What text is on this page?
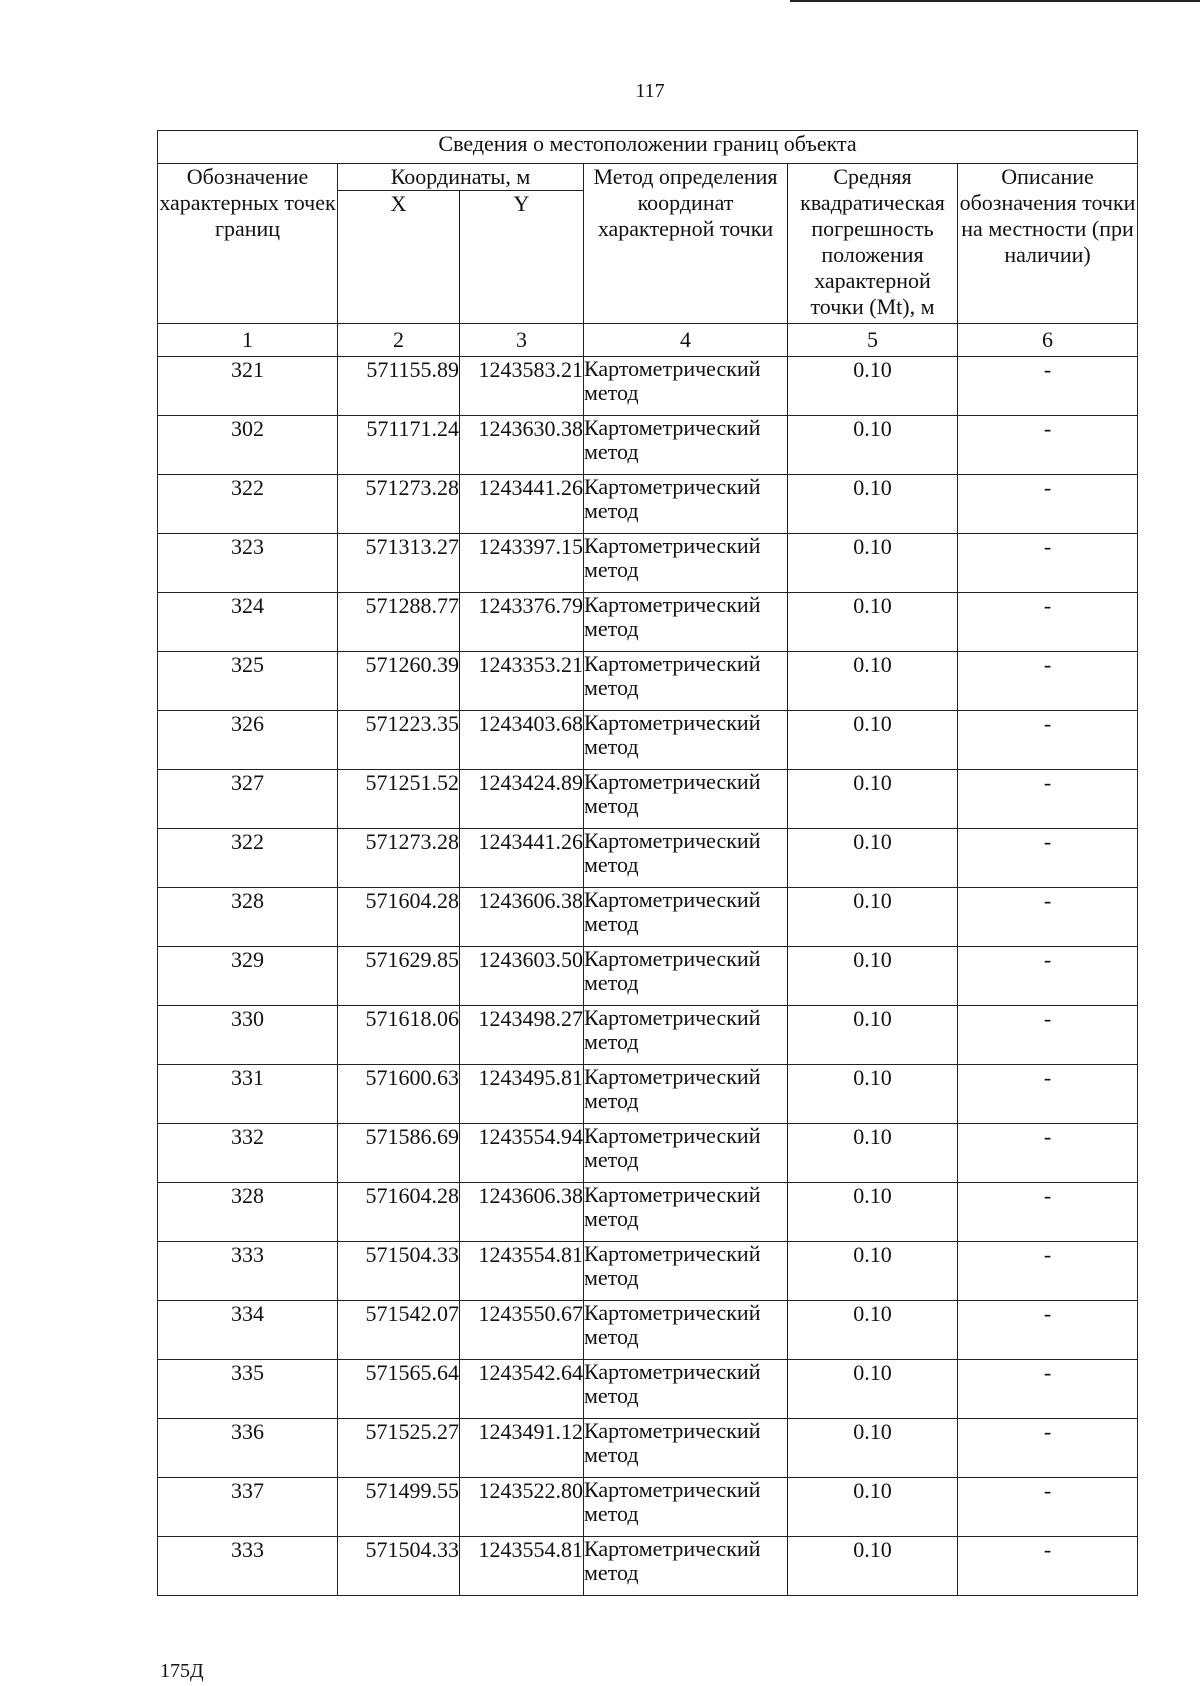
117
Сведения о местоположении границ объекта					
Обозначение характерных точек границ	Координаты, м		Метод определения координат характерной точки	Средняя квадратическая погрешность положения характерной точки (Mt), м	Описание обозначения точки на местности (при наличии)
	X	Y			
1	2	3	4	5	6
321	571155.89	1243583.21	Картометрический метод	0.10	-
302	571171.24	1243630.38	Картометрический метод	0.10	-
322	571273.28	1243441.26	Картометрический метод	0.10	-
323	571313.27	1243397.15	Картометрический метод	0.10	-
324	571288.77	1243376.79	Картометрический метод	0.10	-
325	571260.39	1243353.21	Картометрический метод	0.10	-
326	571223.35	1243403.68	Картометрический метод	0.10	-
327	571251.52	1243424.89	Картометрический метод	0.10	-
322	571273.28	1243441.26	Картометрический метод	0.10	-
328	571604.28	1243606.38	Картометрический метод	0.10	-
329	571629.85	1243603.50	Картометрический метод	0.10	-
330	571618.06	1243498.27	Картометрический метод	0.10	-
331	571600.63	1243495.81	Картометрический метод	0.10	-
332	571586.69	1243554.94	Картометрический метод	0.10	-
328	571604.28	1243606.38	Картометрический метод	0.10	-
333	571504.33	1243554.81	Картометрический метод	0.10	-
334	571542.07	1243550.67	Картометрический метод	0.10	-
335	571565.64	1243542.64	Картометрический метод	0.10	-
336	571525.27	1243491.12	Картометрический метод	0.10	-
337	571499.55	1243522.80	Картометрический метод	0.10	-
333	571504.33	1243554.81	Картометрический метод	0.10	-
175Д
